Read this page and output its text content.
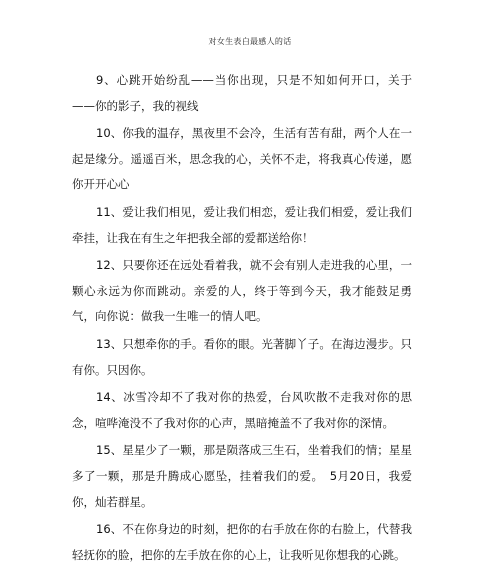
对女生表白最感人的话

9、心跳开始纷乱——当你出现，只是不知如何开口，关于——你的影子，我的视线

10、你我的温存，黑夜里不会冷，生活有苦有甜，两个人在一起是缘分。遥遥百米，思念我的心，关怀不走，将我真心传递，愿你开开心心

11、爱让我们相见，爱让我们相恋，爱让我们相爱，爱让我们牵挂，让我在有生之年把我全部的爱都送给你！

12、只要你还在远处看着我，就不会有别人走进我的心里，一颗心永远为你而跳动。亲爱的人，终于等到今天，我才能鼓足勇气，向你说：做我一生唯一的情人吧。

13、只想牵你的手。看你的眼。光著脚丫子。在海边漫步。只有你。只因你。

14、冰雪冷却不了我对你的热爱，台风吹散不走我对你的思念，喧哗淹没不了我对你的心声，黑暗掩盖不了我对你的深情。

15、星星少了一颗，那是陨落成三生石，坐着我们的情；星星多了一颗，那是升腾成心愿坠，挂着我们的爱。　5月20日，我爱你，灿若群星。

16、不在你身边的时刻，把你的右手放在你的右脸上，代替我轻抚你的脸，把你的左手放在你的心上，让我听见你想我的心跳。
